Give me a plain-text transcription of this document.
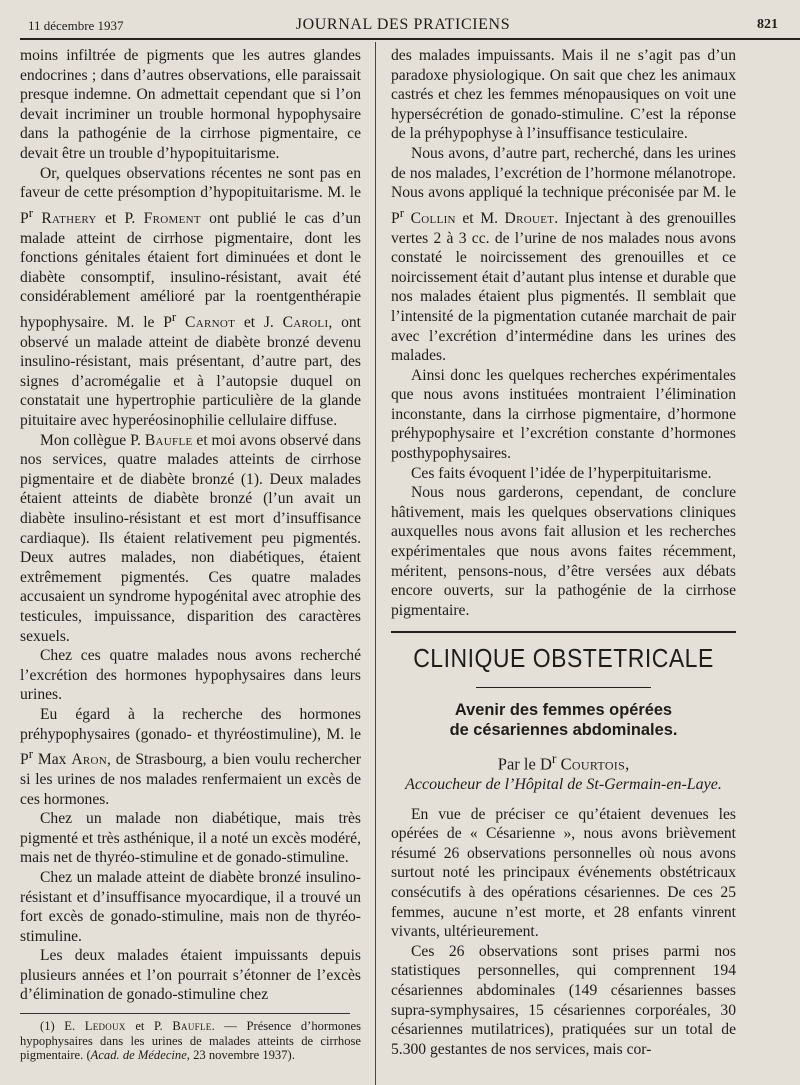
11 décembre 1937	JOURNAL DES PRATICIENS	821

moins infiltrée de pigments que les autres glandes endocrines ; dans d’autres observations, elle paraissait presque indemne. On admettait cependant que si l’on devait incriminer un trouble hormonal hypophysaire dans la pathogénie de la cirrhose pigmentaire, ce devait être un trouble d’hypopituitarisme.

Or, quelques observations récentes ne sont pas en faveur de cette présomption d’hypopituitarisme. M. le $P^r$ Rathery et P. Froment ont publié le cas d’un malade atteint de cirrhose pigmentaire, dont les fonctions génitales étaient fort diminuées et dont le diabète consomptif, insulino-résistant, avait été considérablement amélioré par la roentgenthérapie hypophysaire. M. le $P^r$ Carnot et J. Caroli, ont observé un malade atteint de diabète bronzé devenu insulino-résistant, mais présentant, d’autre part, des signes d’acromégalie et à l’autopsie duquel on constatait une hypertrophie particulière de la glande pituitaire avec hyperéosinophilie cellulaire diffuse.

Mon collègue P. Baufle et moi avons observé dans nos services, quatre malades atteints de cirrhose pigmentaire et de diabète bronzé (1). Deux malades étaient atteints de diabète bronzé (l’un avait un diabète insulino-résistant et est mort d’insuffisance cardiaque). Ils étaient relativement peu pigmentés. Deux autres malades, non diabétiques, étaient extrêmement pigmentés. Ces quatre malades accusaient un syndrome hypogénital avec atrophie des testicules, impuissance, disparition des caractères sexuels.

Chez ces quatre malades nous avons recherché l’excrétion des hormones hypophysaires dans leurs urines.

Eu égard à la recherche des hormones préhypophysaires (gonado- et thyréostimuline), M. le $P^r$ Max Aron, de Strasbourg, a bien voulu rechercher si les urines de nos malades renfermaient un excès de ces hormones.

Chez un malade non diabétique, mais très pigmenté et très asthénique, il a noté un excès modéré, mais net de thyréo-stimuline et de gonado-stimuline.

Chez un malade atteint de diabète bronzé insulino-résistant et d’insuffisance myocardique, il a trouvé un fort excès de gonado-stimuline, mais non de thyréo-stimuline.

Les deux malades étaient impuissants depuis plusieurs années et l’on pourrait s’étonner de l’excès d’élimination de gonado-stimuline chez

(1) E. Ledoux et P. Baufle. — Présence d’hormones hypophysaires dans les urines de malades atteints de cirrhose pigmentaire. (Acad. de Médecine, 23 novembre 1937).

des malades impuissants. Mais il ne s’agit pas d’un paradoxe physiologique. On sait que chez les animaux castrés et chez les femmes ménopausiques on voit une hypersécrétion de gonado-stimuline. C’est la réponse de la préhypophyse à l’insuffisance testiculaire.

Nous avons, d’autre part, recherché, dans les urines de nos malades, l’excrétion de l’hormone mélanotrope. Nous avons appliqué la technique préconisée par M. le $P^r$ Collin et M. Drouet. Injectant à des grenouilles vertes 2 à 3 cc. de l’urine de nos malades nous avons constaté le noircissement des grenouilles et ce noircissement était d’autant plus intense et durable que nos malades étaient plus pigmentés. Il semblait que l’intensité de la pigmentation cutanée marchait de pair avec l’excrétion d’intermédine dans les urines des malades.

Ainsi donc les quelques recherches expérimentales que nous avons instituées montraient l’élimination inconstante, dans la cirrhose pigmentaire, d’hormone préhypophysaire et l’excrétion constante d’hormones posthypophysaires.

Ces faits évoquent l’idée de l’hyperpituitarisme.

Nous nous garderons, cependant, de conclure hâtivement, mais les quelques observations cliniques auxquelles nous avons fait allusion et les recherches expérimentales que nous avons faites récemment, méritent, pensons-nous, d’être versées aux débats encore ouverts, sur la pathogénie de la cirrhose pigmentaire.

CLINIQUE OBSTETRICALE
Avenir des femmes opérées
de césariennes abdominales.
Par le $D^r$ Courtois,
Accoucheur de l’Hôpital de St-Germain-en-Laye.

En vue de préciser ce qu’étaient devenues les opérées de « Césarienne », nous avons brièvement résumé 26 observations personnelles où nous avons surtout noté les principaux événements obstétricaux consécutifs à des opérations césariennes. De ces 25 femmes, aucune n’est morte, et 28 enfants vinrent vivants, ultérieurement.

Ces 26 observations sont prises parmi nos statistiques personnelles, qui comprennent 194 césariennes abdominales (149 césariennes basses supra-symphysaires, 15 césariennes corporéales, 30 césariennes mutilatrices), pratiquées sur un total de 5.300 gestantes de nos services, mais cor-
